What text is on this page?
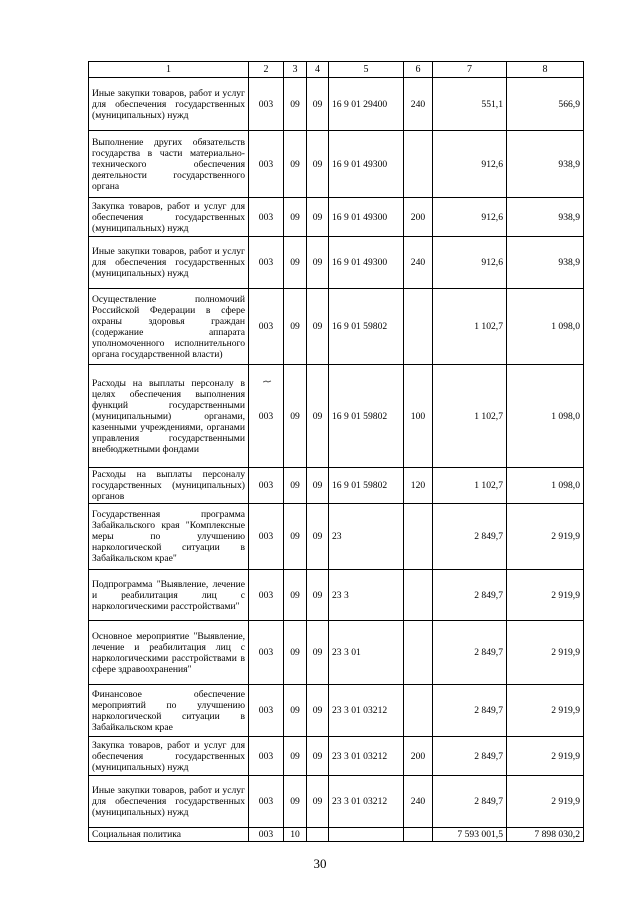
1	2	3	4	5	6	7	8
Иные закупки товаров, работ и услуг для обеспечения государственных (муниципальных) нужд	003	09	09	16 9 01 29400	240	551,1	566,9
Выполнение других обязательств государства в части материально-технического обеспечения деятельности государственного органа	003	09	09	16 9 01 49300		912,6	938,9
Закупка товаров, работ и услуг для обеспечения государственных (муниципальных) нужд	003	09	09	16 9 01 49300	200	912,6	938,9
Иные закупки товаров, работ и услуг для обеспечения государственных (муниципальных) нужд	003	09	09	16 9 01 49300	240	912,6	938,9
Осуществление полномочий Российской Федерации в сфере охраны здоровья граждан (содержание аппарата уполномоченного исполнительного органа государственной власти)	003	09	09	16 9 01 59802		1 102,7	1 098,0
Расходы на выплаты персоналу в целях обеспечения выполнения функций государственными (муниципальными) органами, казенными учреждениями, органами управления государственными внебюджетными фондами	003	09	09	16 9 01 59802	100	1 102,7	1 098,0
Расходы на выплаты персоналу государственных (муниципальных) органов	003	09	09	16 9 01 59802	120	1 102,7	1 098,0
Государственная программа Забайкальского края "Комплексные меры по улучшению наркологической ситуации в Забайкальском крае"	003	09	09	23		2 849,7	2 919,9
Подпрограмма "Выявление, лечение и реабилитация лиц с наркологическими расстройствами"	003	09	09	23 3		2 849,7	2 919,9
Основное мероприятие "Выявление, лечение и реабилитация лиц с наркологическими расстройствами в сфере здравоохранения"	003	09	09	23 3 01		2 849,7	2 919,9
Финансовое обеспечение мероприятий по улучшению наркологической ситуации в Забайкальском крае	003	09	09	23 3 01 03212		2 849,7	2 919,9
Закупка товаров, работ и услуг для обеспечения государственных (муниципальных) нужд	003	09	09	23 3 01 03212	200	2 849,7	2 919,9
Иные закупки товаров, работ и услуг для обеспечения государственных (муниципальных) нужд	003	09	09	23 3 01 03212	240	2 849,7	2 919,9
Социальная политика	003	10				7 593 001,5	7 898 030,2
30
